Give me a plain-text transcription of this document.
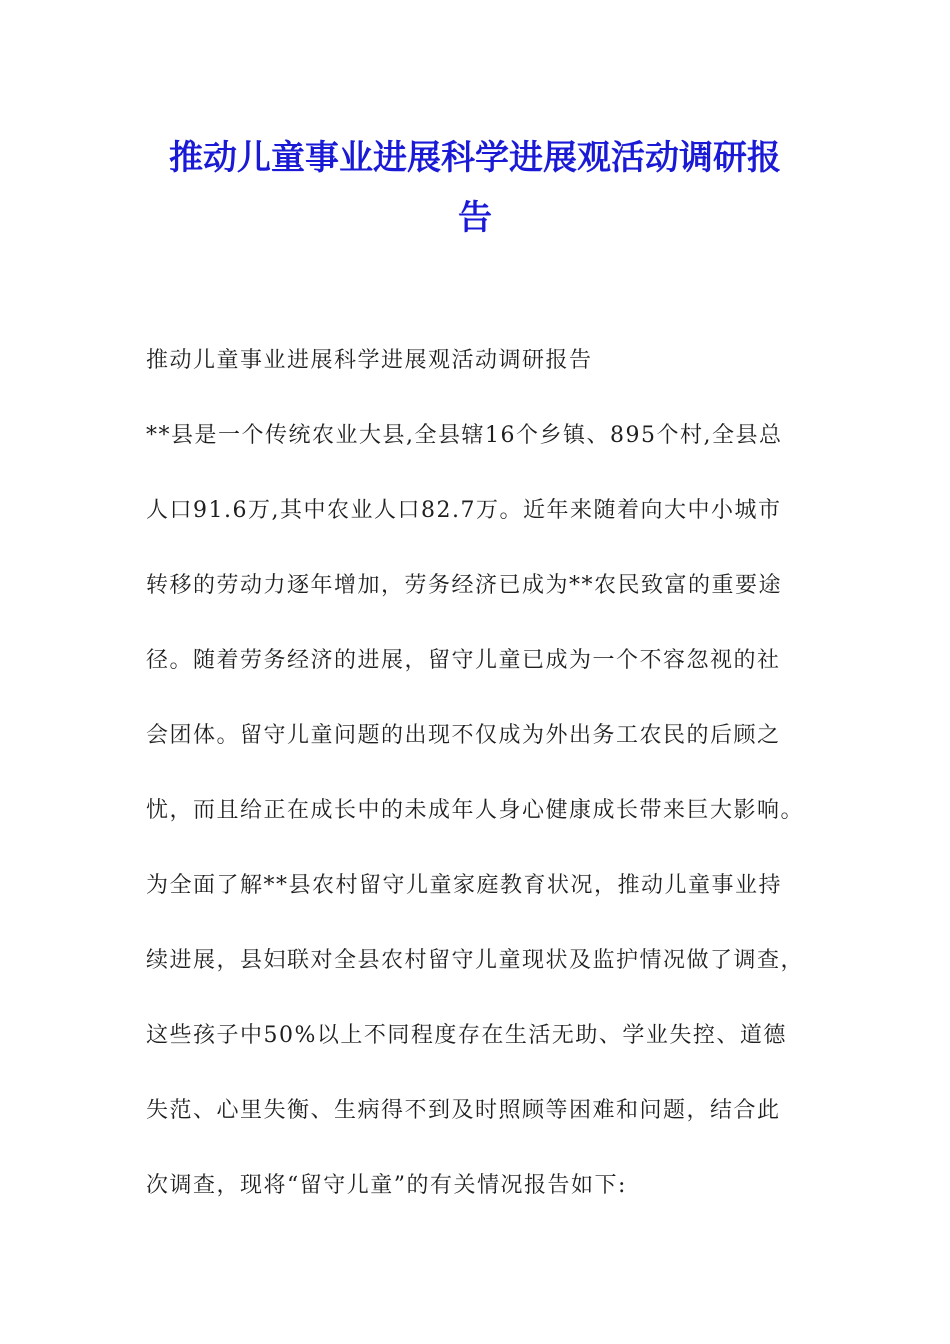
推动儿童事业进展科学进展观活动调研报
告
推动儿童事业进展科学进展观活动调研报告
**县是一个传统农业大县,全县辖16个乡镇、895个村,全县总
人口91.6万,其中农业人口82.7万。近年来随着向大中小城市
转移的劳动力逐年增加，劳务经济已成为**农民致富的重要途
径。随着劳务经济的进展，留守儿童已成为一个不容忽视的社
会团体。留守儿童问题的出现不仅成为外出务工农民的后顾之
忧，而且给正在成长中的未成年人身心健康成长带来巨大影响。
为全面了解**县农村留守儿童家庭教育状况，推动儿童事业持
续进展，县妇联对全县农村留守儿童现状及监护情况做了调查，
这些孩子中50%以上不同程度存在生活无助、学业失控、道德
失范、心里失衡、生病得不到及时照顾等困难和问题，结合此
次调查，现将“留守儿童”的有关情况报告如下:
